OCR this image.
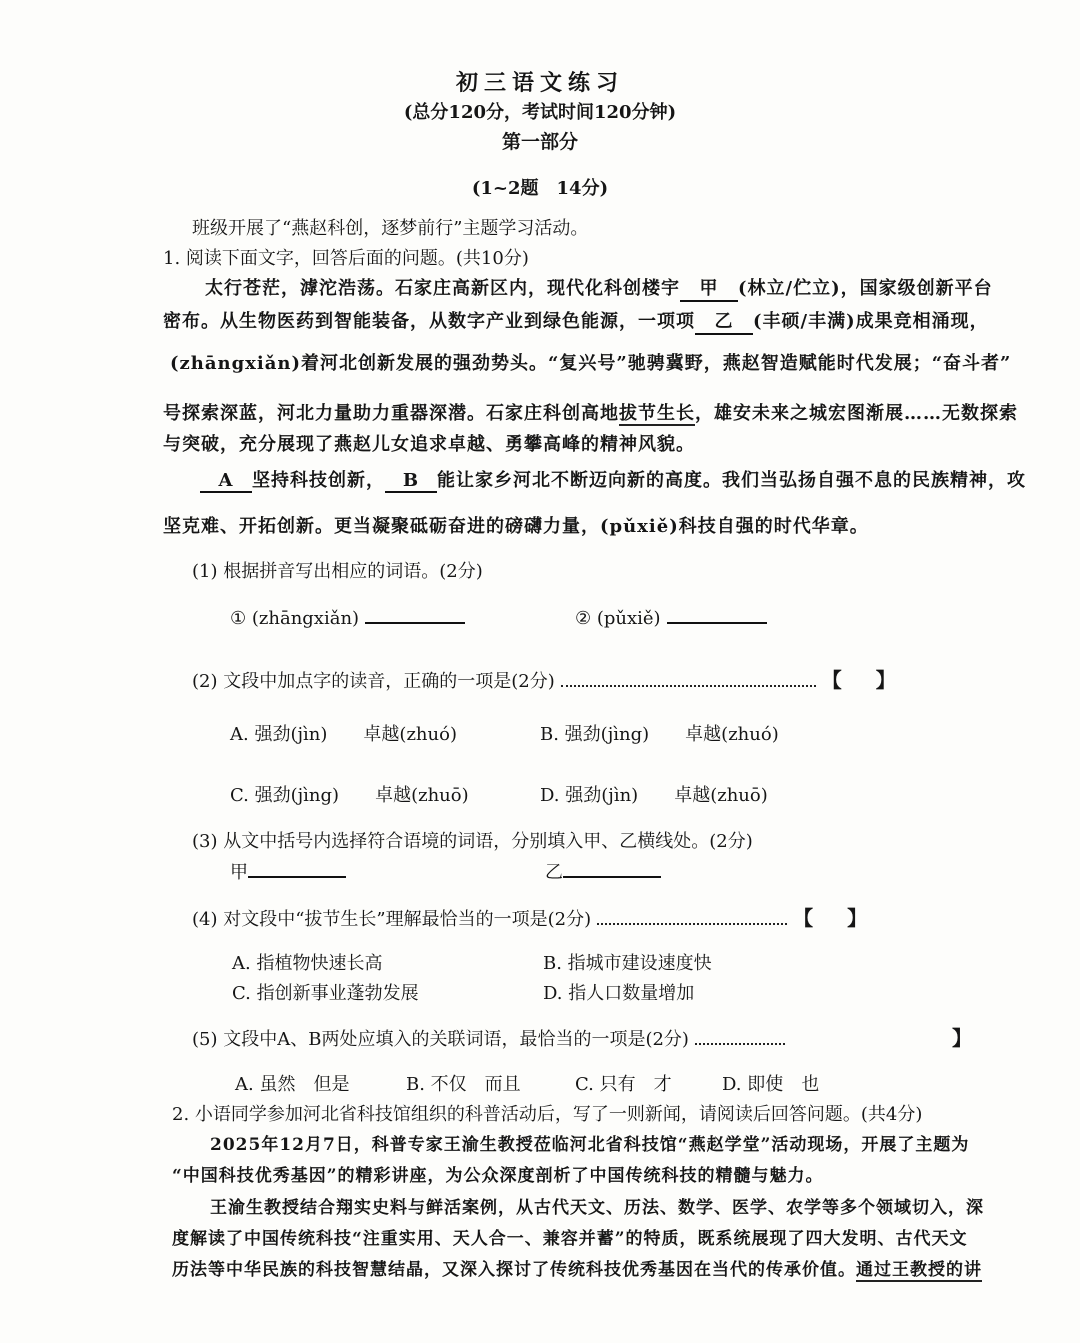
初三语文练习
(总分120分，考试时间120分钟)
第一部分
(1~2题　14分)
班级开展了“燕赵科创，逐梦前行”主题学习活动。
1. 阅读下面文字，回答后面的问题。(共10分)
太行苍茫，滹沱浩荡。石家庄高新区内，现代化科创楼宇 甲 (林立/伫立)，国家级创新平台
密布。从生物医药到智能装备，从数字产业到绿色能源，一项项 乙 (丰硕/丰满)成果竞相涌现，
(zhāngxiǎn)着河北创新发展的强劲势头。“复兴号”驰骋冀野，燕赵智造赋能时代发展；“奋斗者”
号探索深蓝，河北力量助力重器深潜。石家庄科创高地拔节生长，雄安未来之城宏图渐展……无数探索
与突破，充分展现了燕赵儿女追求卓越、勇攀高峰的精神风貌。
A 坚持科技创新， B 能让家乡河北不断迈向新的高度。我们当弘扬自强不息的民族精神，攻
坚克难、开拓创新。更当凝聚砥砺奋进的磅礴力量，(pǔxiě)科技自强的时代华章。
(1) 根据拼音写出相应的词语。(2分)
① (zhāngxiǎn)	② (pǔxiě)
(2) 文段中加点字的读音，正确的一项是(2分)	【 】
A. 强劲(jìn)　　卓越(zhuó)	B. 强劲(jìng)　　卓越(zhuó)
C. 强劲(jìng)　　卓越(zhuō)	D. 强劲(jìn)　　卓越(zhuō)
(3) 从文中括号内选择符合语境的词语，分别填入甲、乙横线处。(2分)
甲	乙
(4) 对文段中“拔节生长”理解最恰当的一项是(2分)	【 】
A. 指植物快速长高	B. 指城市建设速度快
C. 指创新事业蓬勃发展	D. 指人口数量增加
(5) 文段中A、B两处应填入的关联词语，最恰当的一项是(2分)	】
A. 虽然　但是	B. 不仅　而且	C. 只有　才	D. 即使　也
2. 小语同学参加河北省科技馆组织的科普活动后，写了一则新闻，请阅读后回答问题。(共4分)
2025年12月7日，科普专家王渝生教授莅临河北省科技馆“燕赵学堂”活动现场，开展了主题为
“中国科技优秀基因”的精彩讲座，为公众深度剖析了中国传统科技的精髓与魅力。
王渝生教授结合翔实史料与鲜活案例，从古代天文、历法、数学、医学、农学等多个领域切入，深
度解读了中国传统科技“注重实用、天人合一、兼容并蓄”的特质，既系统展现了四大发明、古代天文
历法等中华民族的科技智慧结晶，又深入探讨了传统科技优秀基因在当代的传承价值。通过王教授的讲
